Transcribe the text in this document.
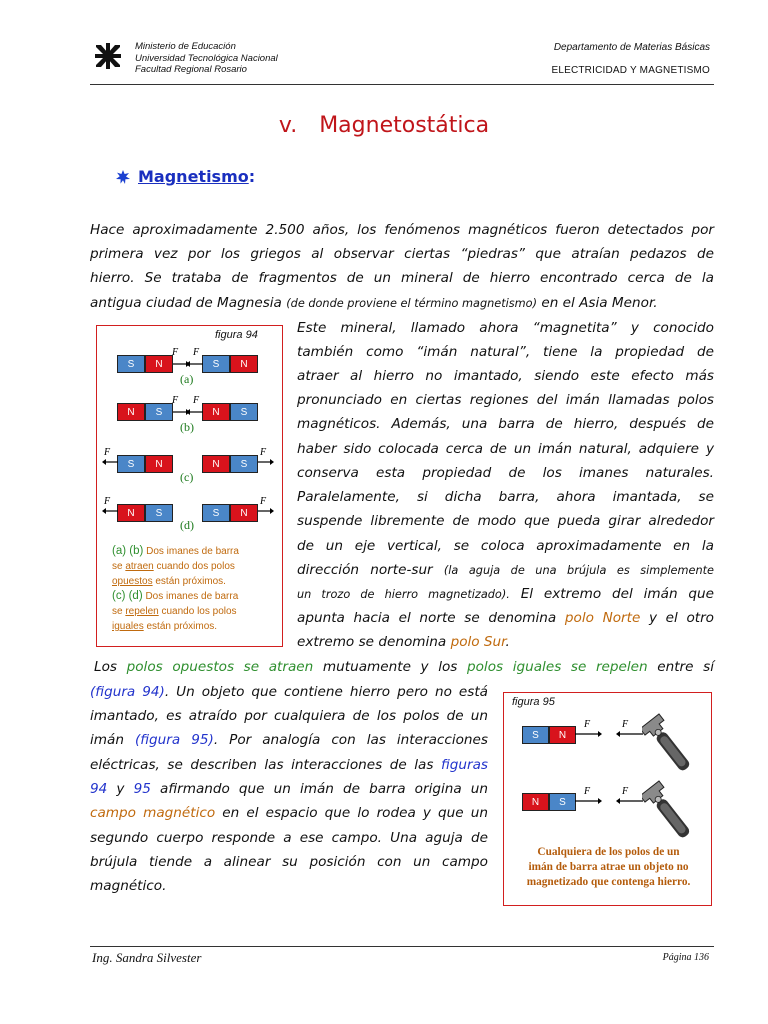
Ministerio de Educación
Universidad Tecnológica Nacional
Facultad Regional Rosario
Departamento de Materias Básicas
ELECTRICIDAD Y MAGNETISMO
v. Magnetostática
Magnetismo:
Hace aproximadamente 2.500 años, los fenómenos magnéticos fueron detectados por
primera vez por los griegos al observar ciertas “piedras” que atraían pedazos de
hierro. Se trataba de fragmentos de un mineral de hierro encontrado cerca de la
antigua ciudad de Magnesia (de donde proviene el término magnetismo) en el Asia Menor.
Este mineral, llamado ahora “magnetita” y conocido
también como “imán natural”, tiene la propiedad de
atraer al hierro no imantado, siendo este efecto más
pronunciado en ciertas regiones del imán llamadas polos
magnéticos. Además, una barra de hierro, después de
haber sido colocada cerca de un imán natural, adquiere y
conserva esta propiedad de los imanes naturales.
Paralelamente, si dicha barra, ahora imantada, se
suspende libremente de modo que pueda girar alrededor
de un eje vertical, se coloca aproximadamente en la
dirección norte-sur (la aguja de una brújula es simplemente
un trozo de hierro magnetizado). El extremo del imán que
apunta hacia el norte se denomina polo Norte y el otro
extremo se denomina polo Sur.
figura 94
S	N	S	N
F F
(a)
N	S	N	S
F F
(b)
S	N	N	S
F	F
(c)
N	S	S	N
F	F
(d)
(a) (b) Dos imanes de barra
se atraen cuando dos polos
opuestos están próximos.
(c) (d) Dos imanes de barra
se repelen cuando los polos
iguales están próximos.
Los polos opuestos se atraen mutuamente y los polos iguales se repelen entre sí
(figura 94). Un objeto que contiene hierro pero no está
imantado, es atraído por cualquiera de los polos de un
imán (figura 95). Por analogía con las interacciones
eléctricas, se describen las interacciones de las figuras
94 y 95 afirmando que un imán de barra origina un
campo magnético en el espacio que lo rodea y que un
segundo cuerpo responde a ese campo. Una aguja de
brújula tiende a alinear su posición con un campo
magnético.
figura 95
S	N
F	F
N	S
F	F
Cualquiera de los polos de un
imán de barra atrae un objeto no
magnetizado que contenga hierro.
Ing. Sandra Silvester	Página 136
